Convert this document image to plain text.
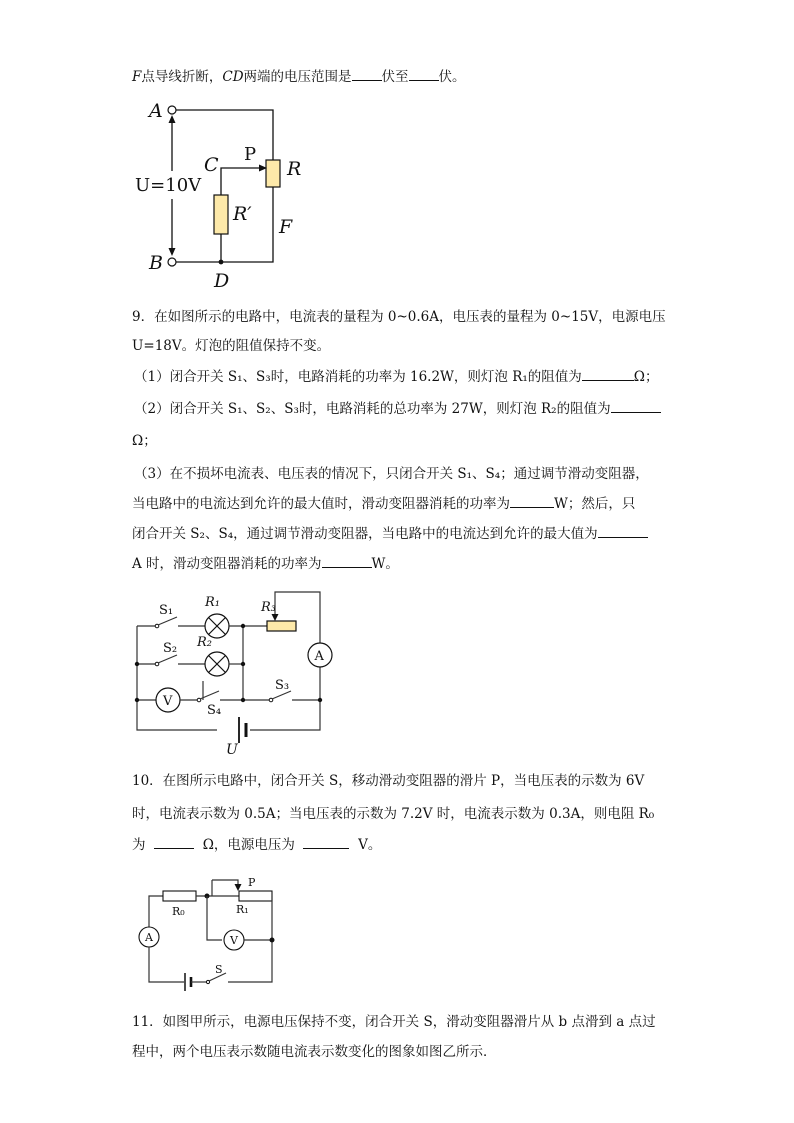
F点导线折断，CD两端的电压范围是 伏至 伏。
A
B
C P
R
R′
F
D
U=10V
9．在如图所示的电路中，电流表的量程为 0~0.6A，电压表的量程为 0~15V，电源电压
U=18V。灯泡的阻值保持不变。
（1）闭合开关 S₁、S₃时，电路消耗的功率为 16.2W，则灯泡 R₁的阻值为	Ω；
（2）闭合开关 S₁、S₂、S₃时，电路消耗的总功率为 27W，则灯泡 R₂的阻值为
Ω；
（3）在不损坏电流表、电压表的情况下，只闭合开关 S₁、S₄；通过调节滑动变阻器，
当电路中的电流达到允许的最大值时，滑动变阻器消耗的功率为	W；然后，只
闭合开关 S₂、S₄，通过调节滑动变阻器，当电路中的电流达到允许的最大值为
A 时，滑动变阻器消耗的功率为	W。
A
V
S₁
S₂
S₃
S₄
R₁
R₂
R₃
U
10．在图所示电路中，闭合开关 S，移动滑动变阻器的滑片 P，当电压表的示数为 6V
时，电流表示数为 0.5A；当电压表的示数为 7.2V 时，电流表示数为 0.3A，则电阻 R₀
为	Ω，电源电压为	V。
R₀	R₁
P
A	V
S
11．如图甲所示，电源电压保持不变，闭合开关 S，滑动变阻器滑片从 b 点滑到 a 点过
程中，两个电压表示数随电流表示数变化的图象如图乙所示．
